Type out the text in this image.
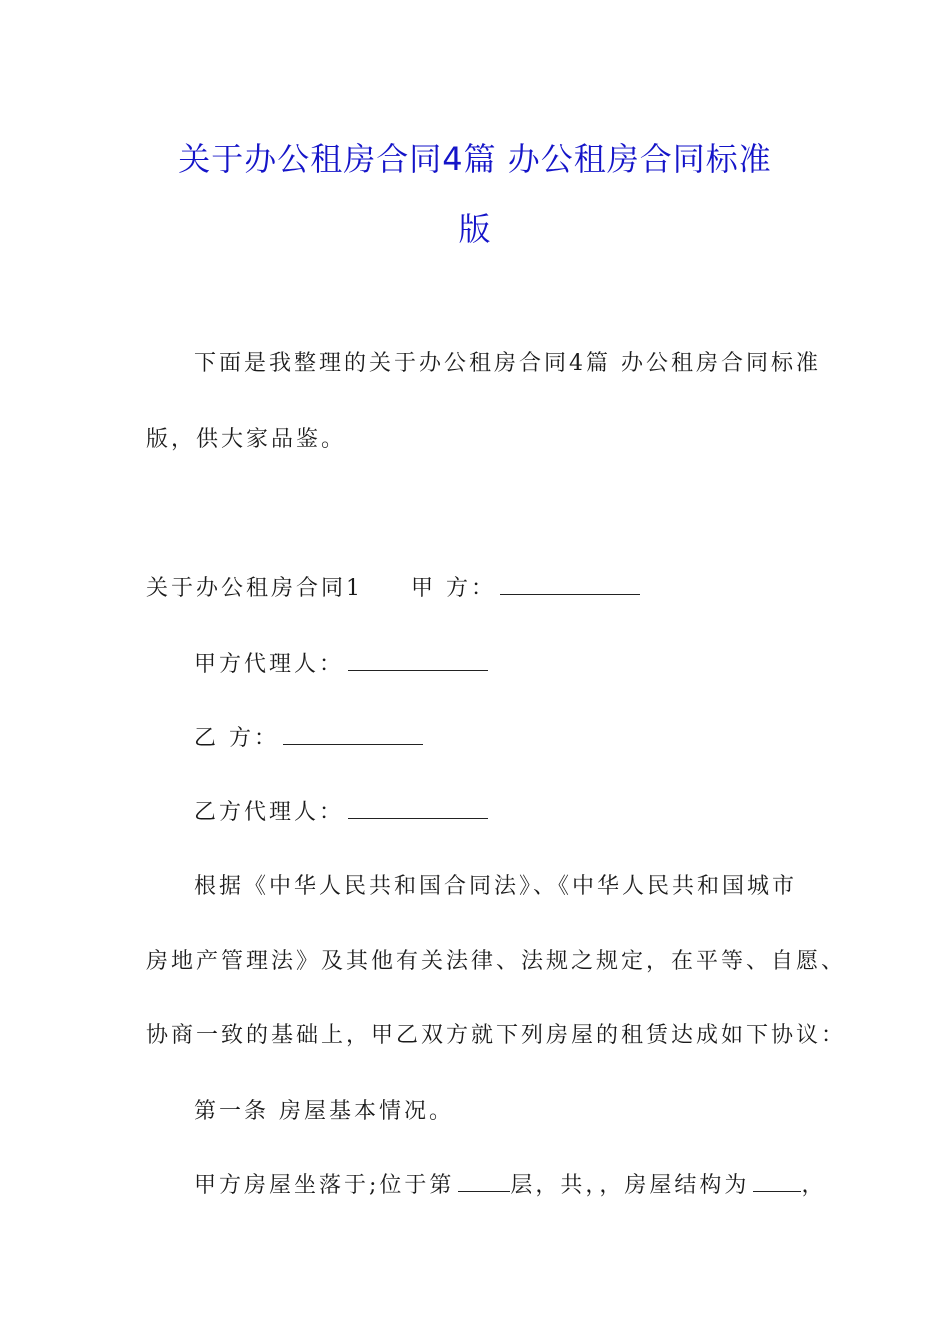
关于办公租房合同4篇 办公租房合同标准
版
下面是我整理的关于办公租房合同4篇 办公租房合同标准
版，供大家品鉴。
关于办公租房合同1 甲 方：
甲方代理人：
乙 方：
乙方代理人：
根据《中华人民共和国合同法》、《中华人民共和国城市
房地产管理法》及其他有关法律、法规之规定，在平等、自愿、
协商一致的基础上，甲乙双方就下列房屋的租赁达成如下协议：
第一条 房屋基本情况。
甲方房屋坐落于;位于第	层，共，，房屋结构为 ，
